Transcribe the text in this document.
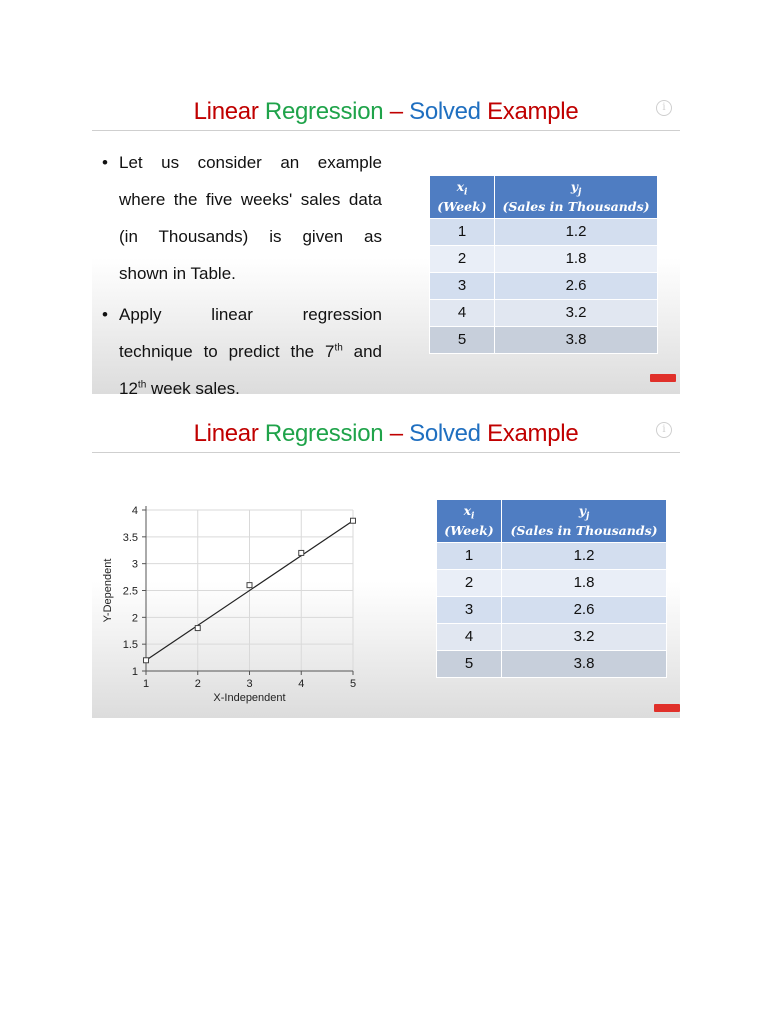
Linear Regression – Solved Example	i
• Let us consider an example
where the five weeks' sales data
(in Thousands) is given as
shown in Table.
• Apply linear regression
technique to predict the 7th and
12th week sales.
$x_i$
(Week)	$y_j$
(Sales in Thousands)
1	1.2
2	1.8
3	2.6
4	3.2
5	3.8
Linear Regression – Solved Example	i
1
1.5
2
2.5
3
3.5
4
1	2	3	4	5
X-Independent
Y-Dependent
$x_i$
(Week)	$y_j$
(Sales in Thousands)
1	1.2
2	1.8
3	2.6
4	3.2
5	3.8
